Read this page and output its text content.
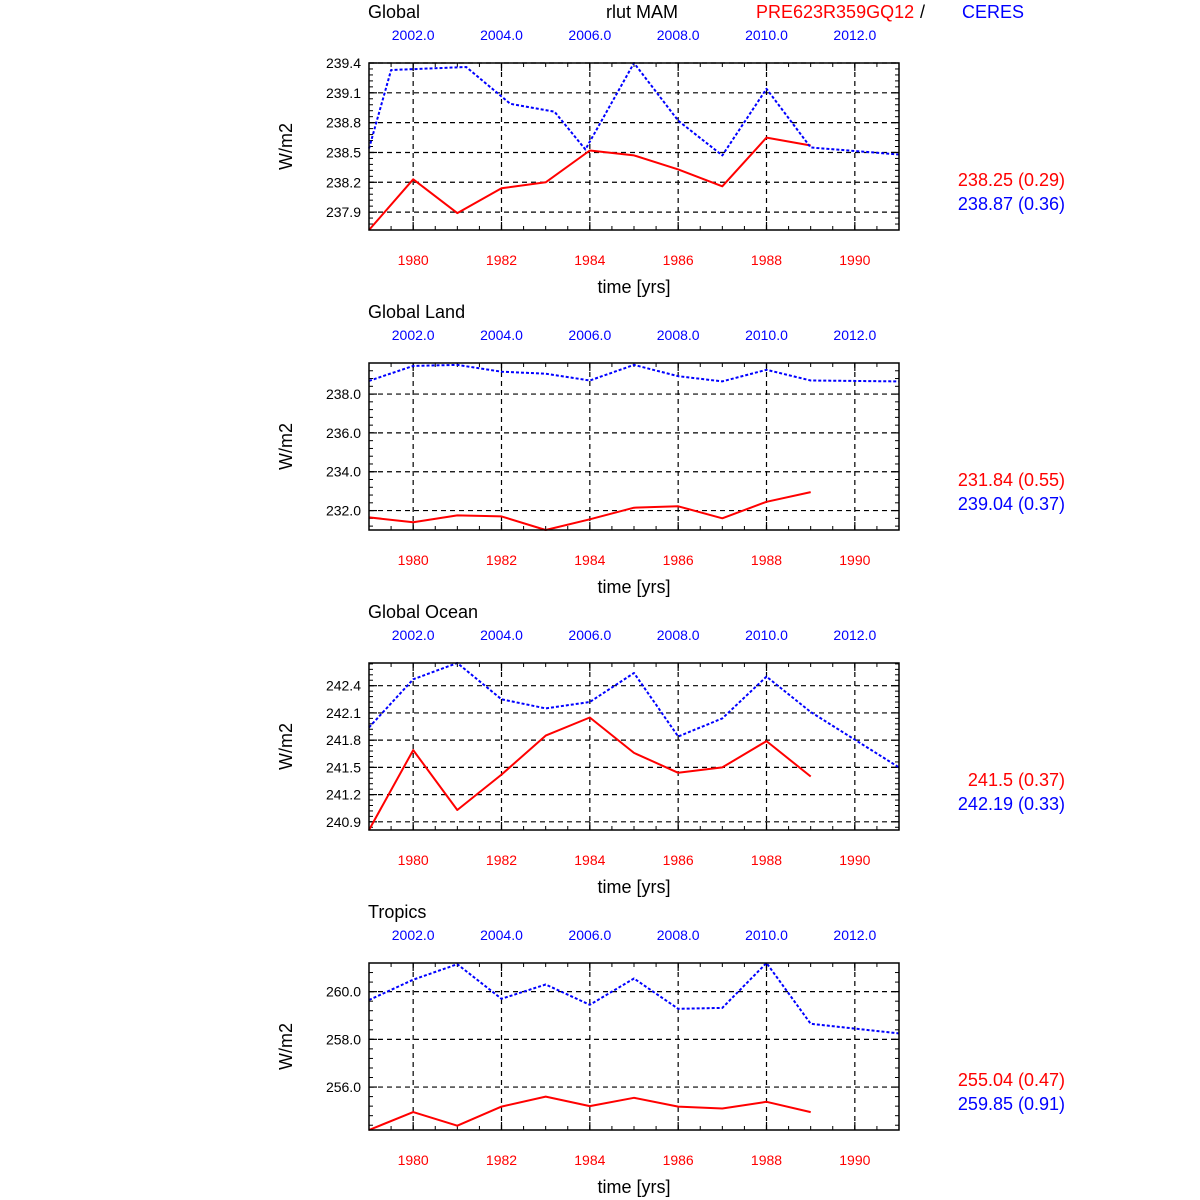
rlut MAM	PRE623R359GQ12 / CERES
Global
237.9
238.2
238.5
238.8
239.1
239.4
1980	1982	1984	1986	1988	1990
2002.0	2004.0	2006.0	2008.0	2010.0	2012.0
W/m2
time [yrs]
238.25 (0.29)
238.87 (0.36)
Global Land
232.0
234.0
236.0
238.0
1980	1982	1984	1986	1988	1990
2002.0	2004.0	2006.0	2008.0	2010.0	2012.0
W/m2
time [yrs]
231.84 (0.55)
239.04 (0.37)
Global Ocean
240.9
241.2
241.5
241.8
242.1
242.4
1980	1982	1984	1986	1988	1990
2002.0	2004.0	2006.0	2008.0	2010.0	2012.0
W/m2
time [yrs]
241.5 (0.37)
242.19 (0.33)
Tropics
256.0
258.0
260.0
1980	1982	1984	1986	1988	1990
2002.0	2004.0	2006.0	2008.0	2010.0	2012.0
W/m2
time [yrs]
255.04 (0.47)
259.85 (0.91)
